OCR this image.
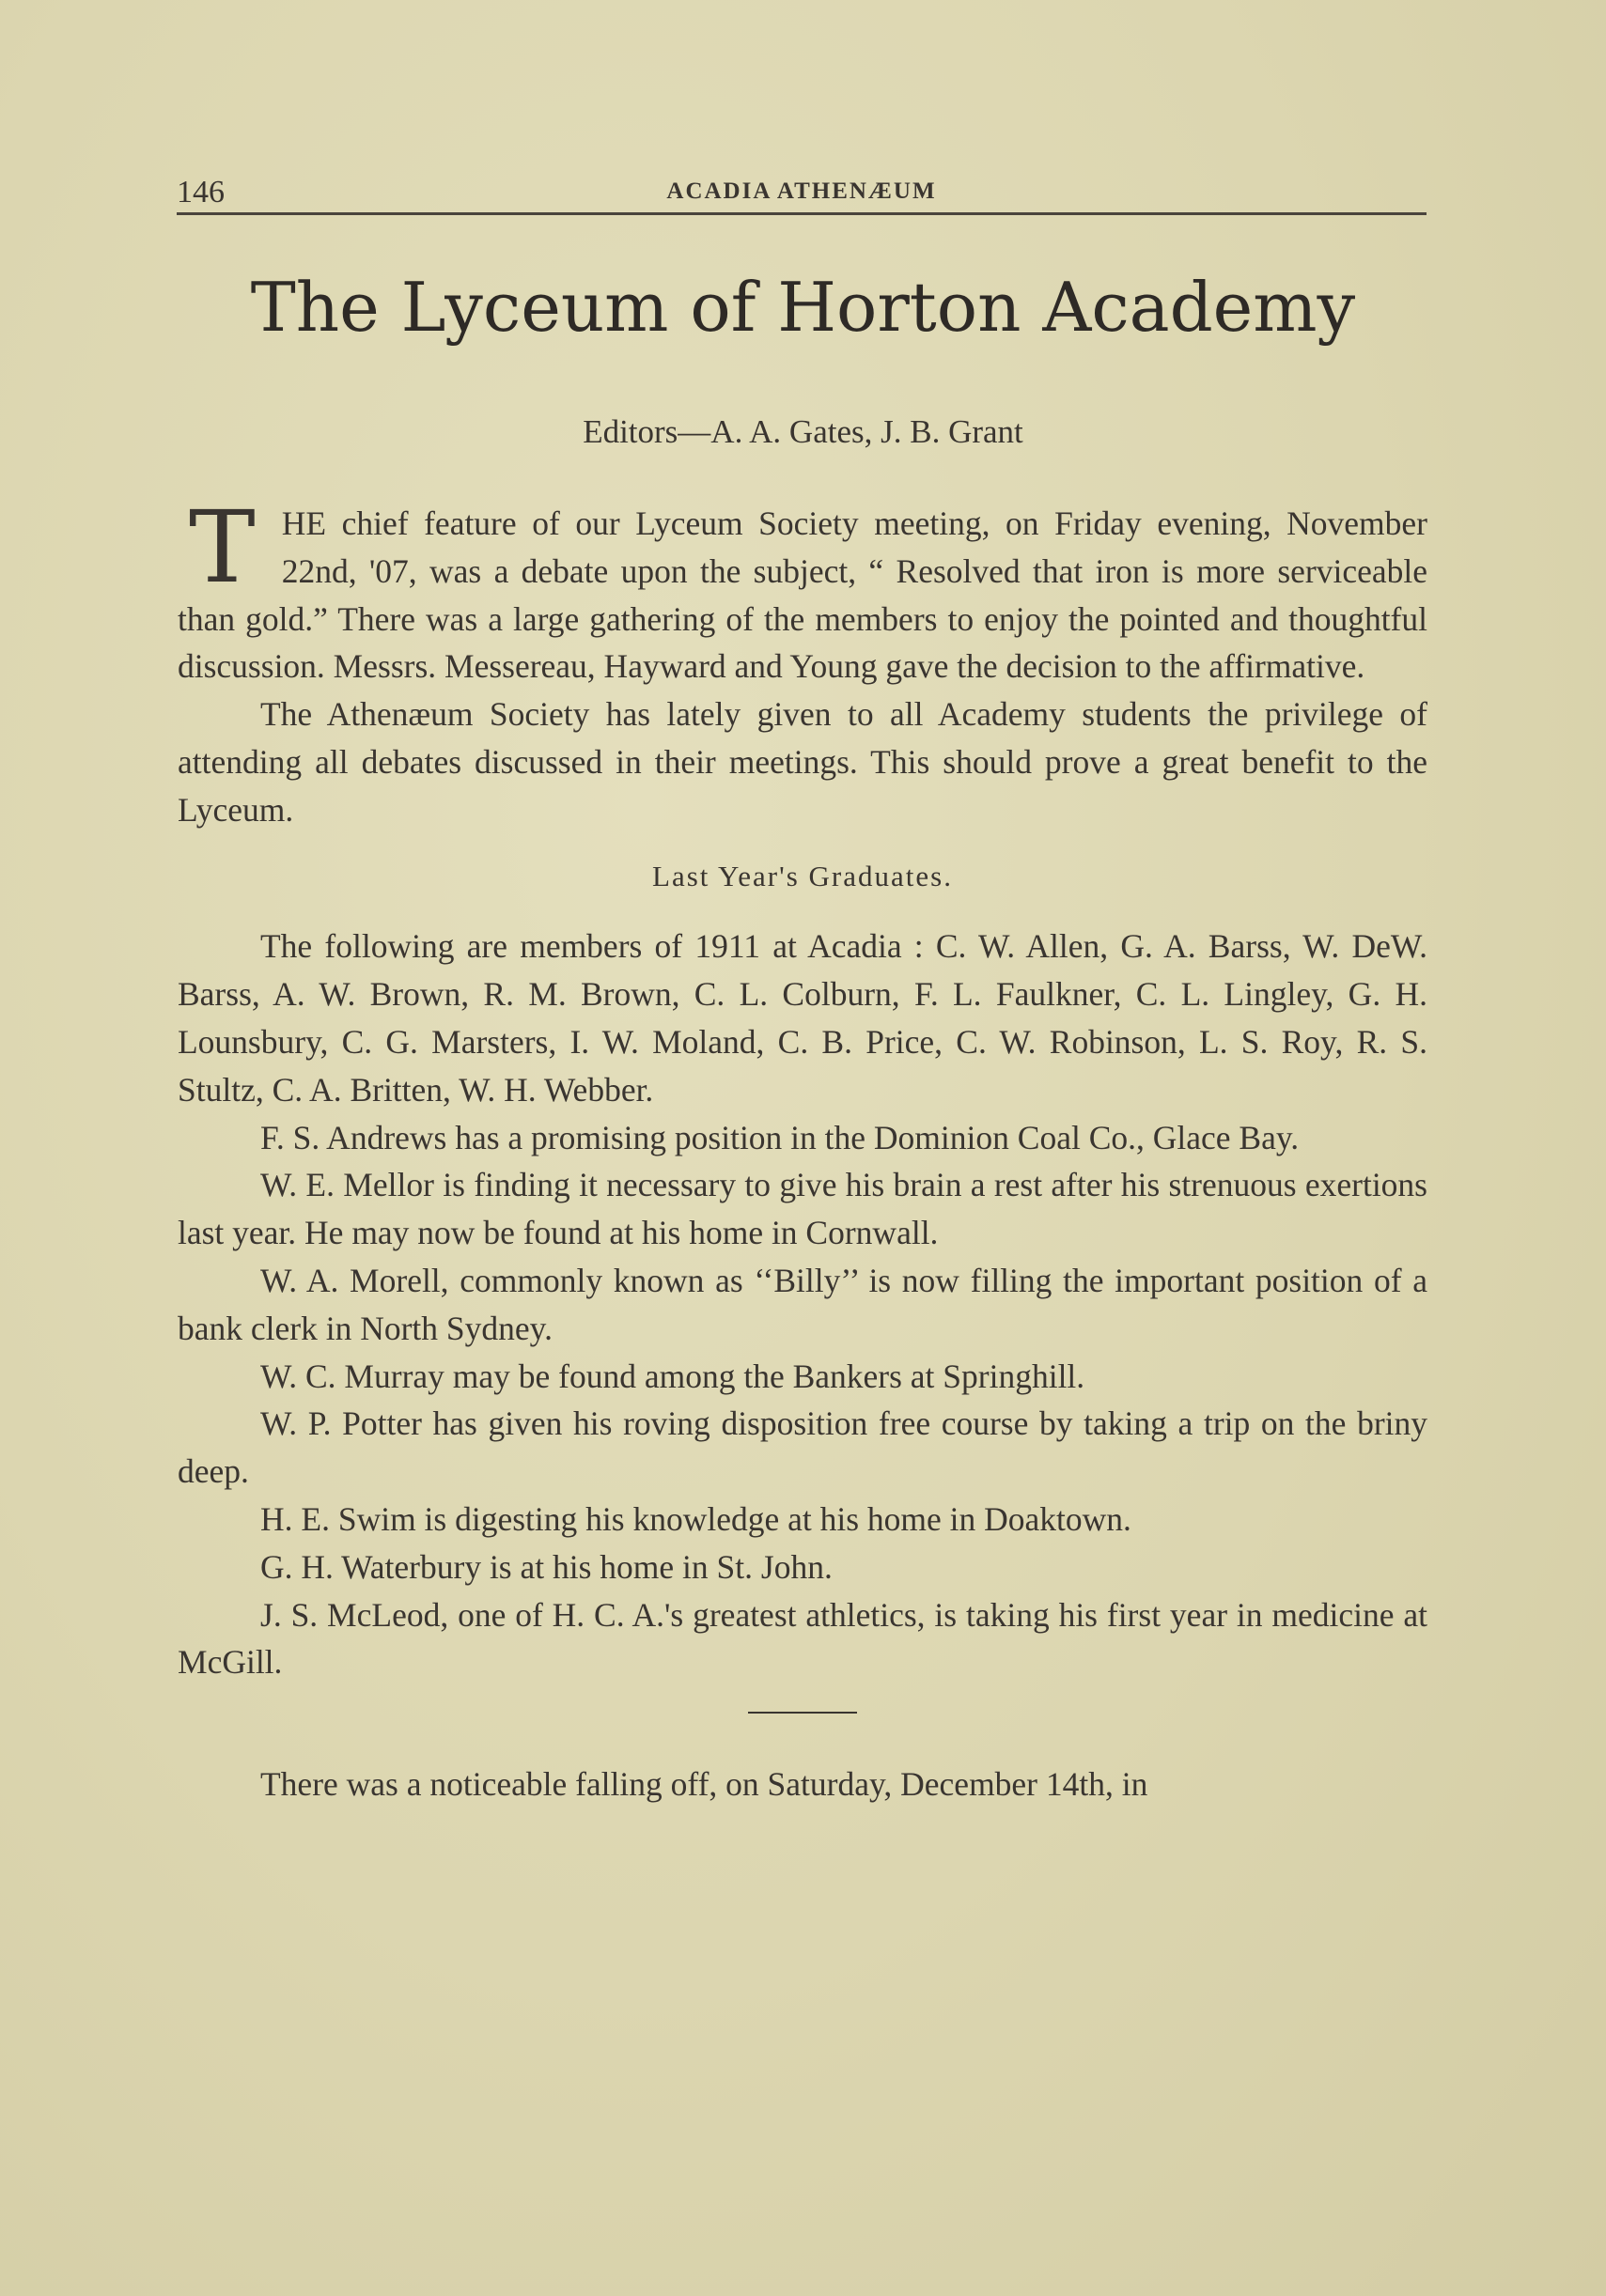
146	ACADIA ATHENÆUM
The Lyceum of Horton Academy
Editors—A. A. Gates, J. B. Grant

THE chief feature of our Lyceum Society meeting, on Friday evening, November 22nd, '07, was a debate upon the subject, “ Resolved that iron is more serviceable than gold.” There was a large gathering of the members to enjoy the pointed and thoughtful discussion. Messrs. Messereau, Hayward and Young gave the decision to the affirmative.

The Athenæum Society has lately given to all Academy students the privilege of attending all debates discussed in their meetings. This should prove a great benefit to the Lyceum.

Last Year's Graduates.

The following are members of 1911 at Acadia : C. W. Allen, G. A. Barss, W. DeW. Barss, A. W. Brown, R. M. Brown, C. L. Colburn, F. L. Faulkner, C. L. Lingley, G. H. Lounsbury, C. G. Marsters, I. W. Moland, C. B. Price, C. W. Robinson, L. S. Roy, R. S. Stultz, C. A. Britten, W. H. Webber.

F. S. Andrews has a promising position in the Dominion Coal Co., Glace Bay.

W. E. Mellor is finding it necessary to give his brain a rest after his strenuous exertions last year. He may now be found at his home in Cornwall.

W. A. Morell, commonly known as ‘‘Billy’’ is now filling the important position of a bank clerk in North Sydney.

W. C. Murray may be found among the Bankers at Springhill.

W. P. Potter has given his roving disposition free course by taking a trip on the briny deep.

H. E. Swim is digesting his knowledge at his home in Doaktown.

G. H. Waterbury is at his home in St. John.

J. S. McLeod, one of H. C. A.'s greatest athletics, is taking his first year in medicine at McGill.

There was a noticeable falling off, on Saturday, December 14th, in
